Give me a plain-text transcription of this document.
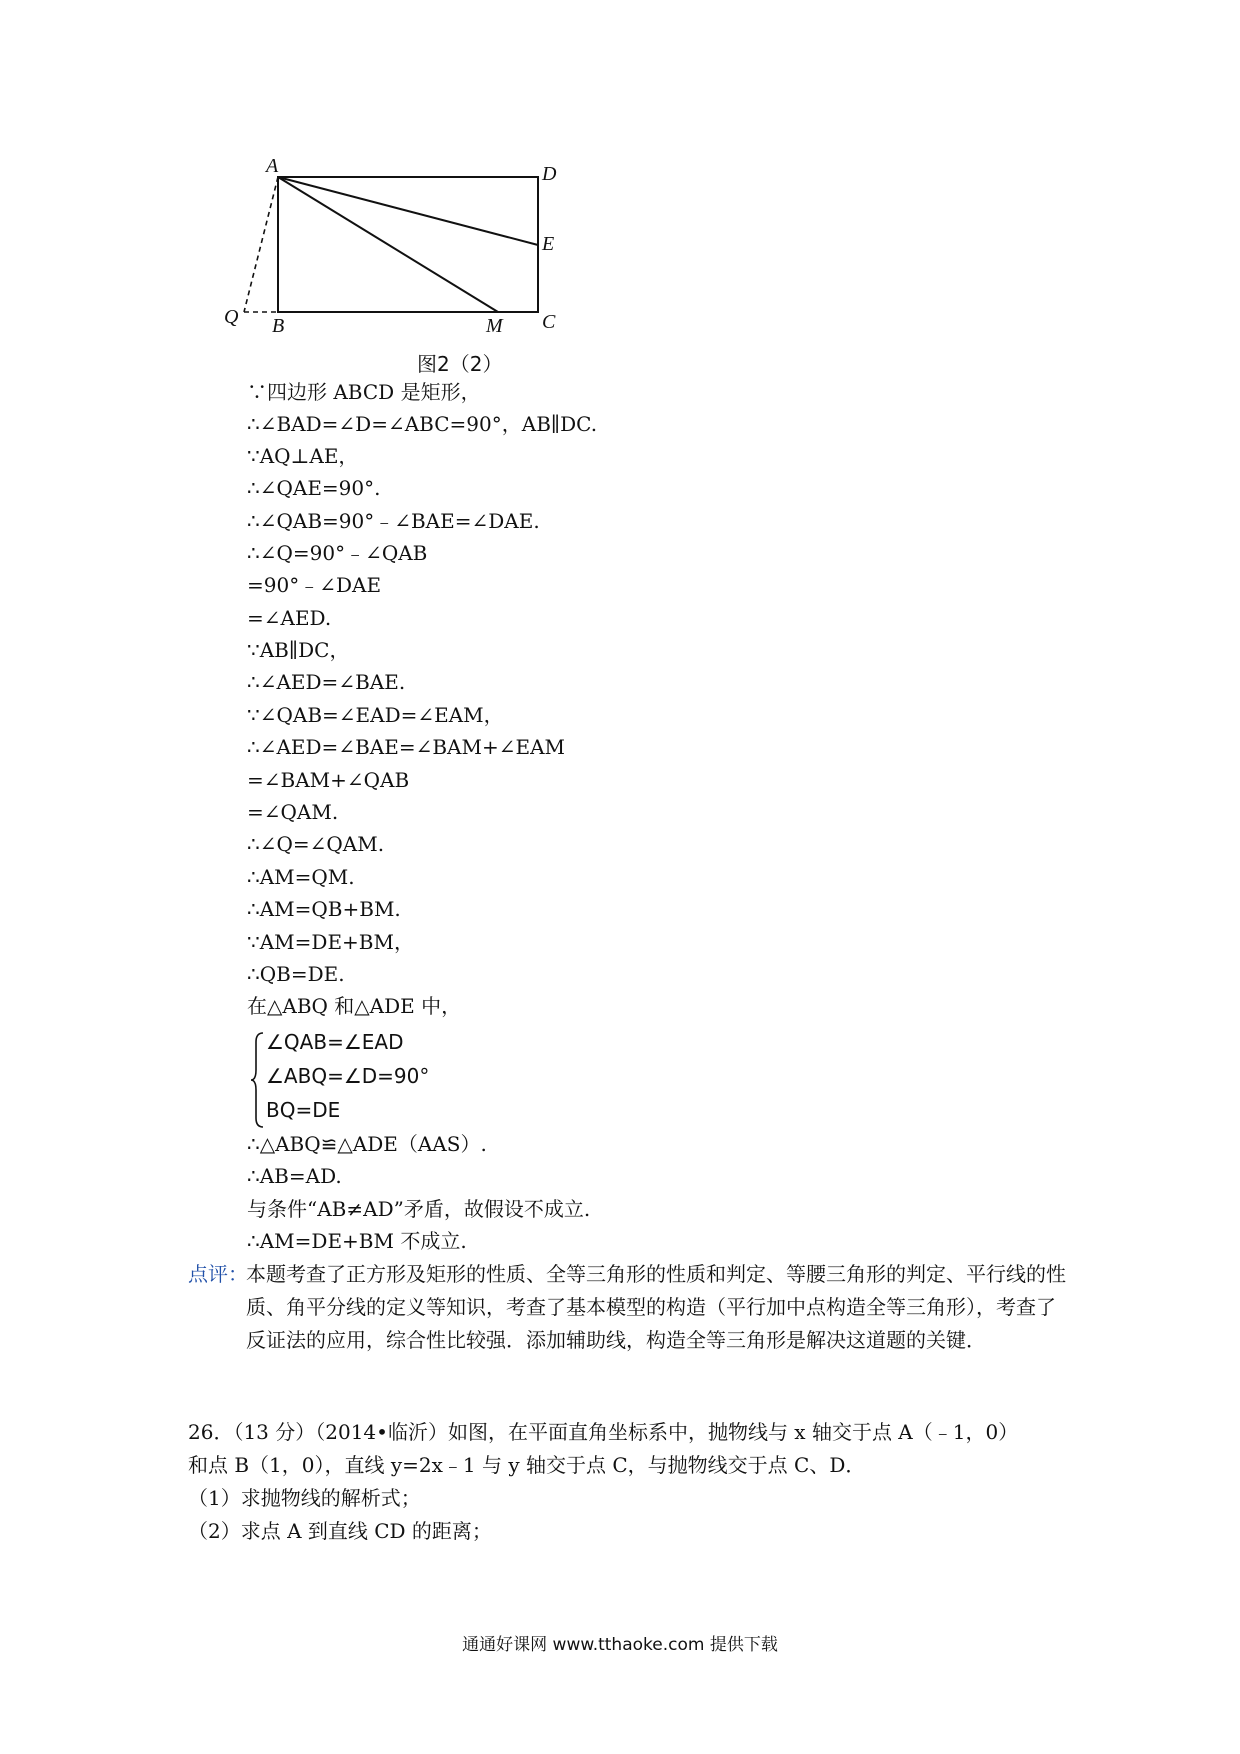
A	D
E
Q B	M C
图2（2）
∵四边形 ABCD 是矩形，
∴∠BAD=∠D=∠ABC=90°，AB∥DC.
∵AQ⊥AE，
∴∠QAE=90°.
∴∠QAB=90°﹣∠BAE=∠DAE.
∴∠Q=90°﹣∠QAB
=90°﹣∠DAE
=∠AED.
∵AB∥DC，
∴∠AED=∠BAE.
∵∠QAB=∠EAD=∠EAM，
∴∠AED=∠BAE=∠BAM+∠EAM
=∠BAM+∠QAB
=∠QAM.
∴∠Q=∠QAM.
∴AM=QM.
∴AM=QB+BM.
∵AM=DE+BM，
∴QB=DE.
在△ABQ 和△ADE 中，
∠QAB=∠EAD
∠ABQ=∠D=90°
BQ=DE
∴△ABQ≌△ADE（AAS）.
∴AB=AD.
与条件“AB≠AD”矛盾，故假设不成立.
∴AM=DE+BM 不成立.
点评：
本题考查了正方形及矩形的性质、全等三角形的性质和判定、等腰三角形的判定、平行线的性质、角平分线的定义等知识，考查了基本模型的构造（平行加中点构造全等三角形），考查了反证法的应用，综合性比较强．添加辅助线，构造全等三角形是解决这道题的关键．
26．（13 分）（2014•临沂）如图，在平面直角坐标系中，抛物线与 x 轴交于点 A（﹣1，0）
和点 B（1，0），直线 y=2x﹣1 与 y 轴交于点 C，与抛物线交于点 C、D．
（1）求抛物线的解析式；
（2）求点 A 到直线 CD 的距离；
通通好课网 www.tthaoke.com 提供下载
